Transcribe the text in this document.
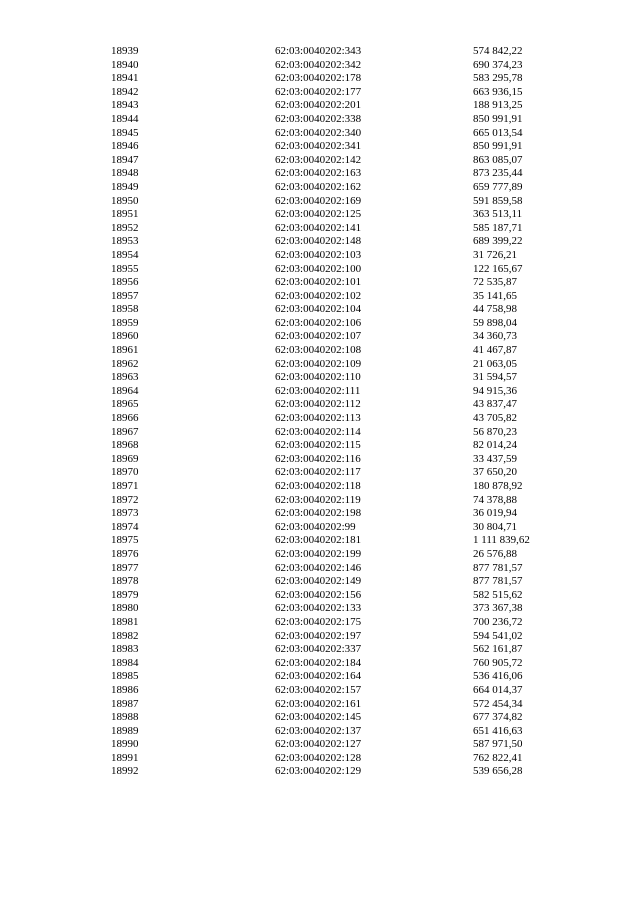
18939	62:03:0040202:343	574 842,22
18940	62:03:0040202:342	690 374,23
18941	62:03:0040202:178	583 295,78
18942	62:03:0040202:177	663 936,15
18943	62:03:0040202:201	188 913,25
18944	62:03:0040202:338	850 991,91
18945	62:03:0040202:340	665 013,54
18946	62:03:0040202:341	850 991,91
18947	62:03:0040202:142	863 085,07
18948	62:03:0040202:163	873 235,44
18949	62:03:0040202:162	659 777,89
18950	62:03:0040202:169	591 859,58
18951	62:03:0040202:125	363 513,11
18952	62:03:0040202:141	585 187,71
18953	62:03:0040202:148	689 399,22
18954	62:03:0040202:103	31 726,21
18955	62:03:0040202:100	122 165,67
18956	62:03:0040202:101	72 535,87
18957	62:03:0040202:102	35 141,65
18958	62:03:0040202:104	44 758,98
18959	62:03:0040202:106	59 898,04
18960	62:03:0040202:107	34 360,73
18961	62:03:0040202:108	41 467,87
18962	62:03:0040202:109	21 063,05
18963	62:03:0040202:110	31 594,57
18964	62:03:0040202:111	94 915,36
18965	62:03:0040202:112	43 837,47
18966	62:03:0040202:113	43 705,82
18967	62:03:0040202:114	56 870,23
18968	62:03:0040202:115	82 014,24
18969	62:03:0040202:116	33 437,59
18970	62:03:0040202:117	37 650,20
18971	62:03:0040202:118	180 878,92
18972	62:03:0040202:119	74 378,88
18973	62:03:0040202:198	36 019,94
18974	62:03:0040202:99	30 804,71
18975	62:03:0040202:181	1 111 839,62
18976	62:03:0040202:199	26 576,88
18977	62:03:0040202:146	877 781,57
18978	62:03:0040202:149	877 781,57
18979	62:03:0040202:156	582 515,62
18980	62:03:0040202:133	373 367,38
18981	62:03:0040202:175	700 236,72
18982	62:03:0040202:197	594 541,02
18983	62:03:0040202:337	562 161,87
18984	62:03:0040202:184	760 905,72
18985	62:03:0040202:164	536 416,06
18986	62:03:0040202:157	664 014,37
18987	62:03:0040202:161	572 454,34
18988	62:03:0040202:145	677 374,82
18989	62:03:0040202:137	651 416,63
18990	62:03:0040202:127	587 971,50
18991	62:03:0040202:128	762 822,41
18992	62:03:0040202:129	539 656,28
